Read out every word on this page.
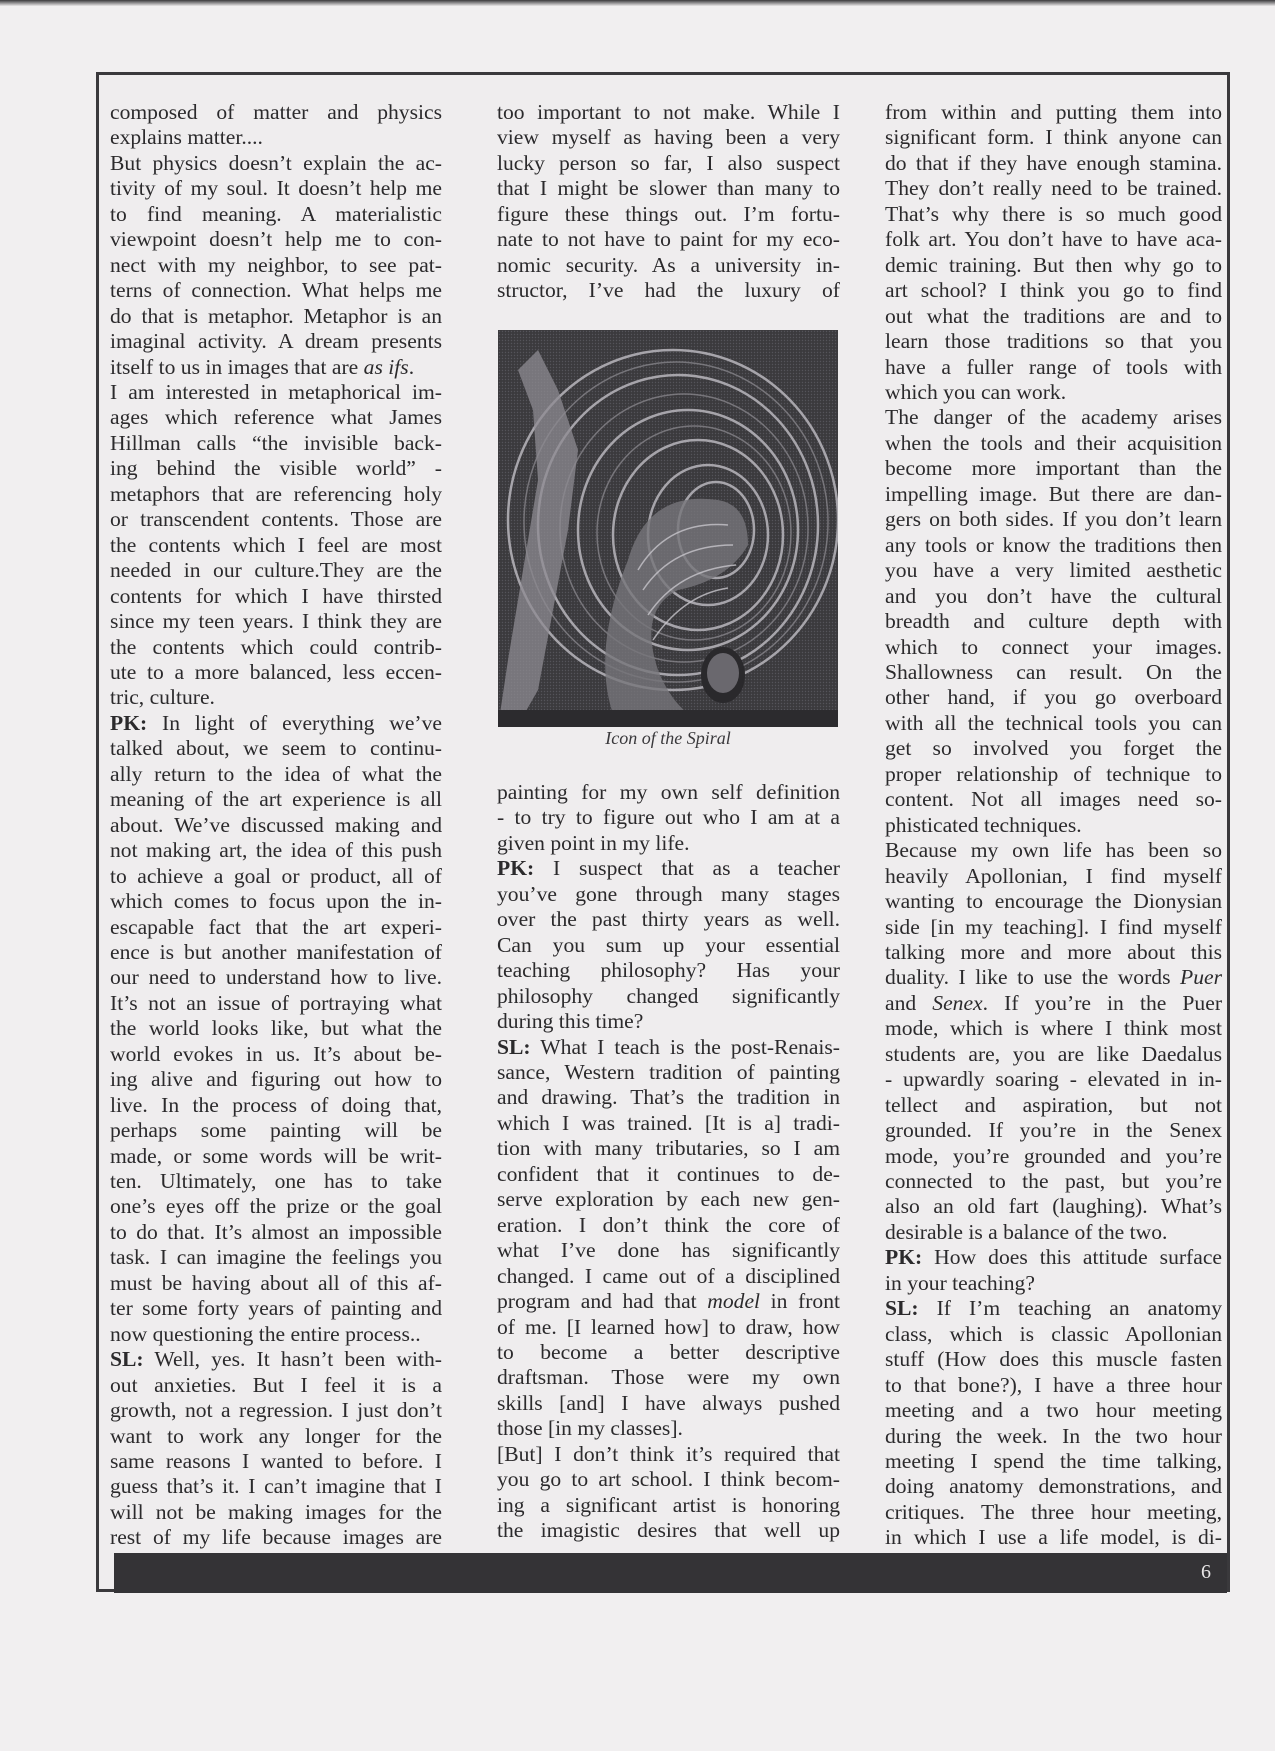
composed of matter and physics
explains matter....
But physics doesn’t explain the ac-
tivity of my soul. It doesn’t help me
to find meaning. A materialistic
viewpoint doesn’t help me to con-
nect with my neighbor, to see pat-
terns of connection. What helps me
do that is metaphor. Metaphor is an
imaginal activity. A dream presents
itself to us in images that are as ifs.
I am interested in metaphorical im-
ages which reference what James
Hillman calls “the invisible back-
ing behind the visible world” -
metaphors that are referencing holy
or transcendent contents. Those are
the contents which I feel are most
needed in our culture.They are the
contents for which I have thirsted
since my teen years. I think they are
the contents which could contrib-
ute to a more balanced, less eccen-
tric, culture.
PK: In light of everything we’ve
talked about, we seem to continu-
ally return to the idea of what the
meaning of the art experience is all
about. We’ve discussed making and
not making art, the idea of this push
to achieve a goal or product, all of
which comes to focus upon the in-
escapable fact that the art experi-
ence is but another manifestation of
our need to understand how to live.
It’s not an issue of portraying what
the world looks like, but what the
world evokes in us. It’s about be-
ing alive and figuring out how to
live. In the process of doing that,
perhaps some painting will be
made, or some words will be writ-
ten. Ultimately, one has to take
one’s eyes off the prize or the goal
to do that. It’s almost an impossible
task. I can imagine the feelings you
must be having about all of this af-
ter some forty years of painting and
now questioning the entire process..
SL: Well, yes. It hasn’t been with-
out anxieties. But I feel it is a
growth, not a regression. I just don’t
want to work any longer for the
same reasons I wanted to before. I
guess that’s it. I can’t imagine that I
will not be making images for the
rest of my life because images are
too important to not make. While I
view myself as having been a very
lucky person so far, I also suspect
that I might be slower than many to
figure these things out. I’m fortu-
nate to not have to paint for my eco-
nomic security. As a university in-
structor, I’ve had the luxury of
Icon of the Spiral
painting for my own self definition
- to try to figure out who I am at a
given point in my life.
PK: I suspect that as a teacher
you’ve gone through many stages
over the past thirty years as well.
Can you sum up your essential
teaching philosophy? Has your
philosophy changed significantly
during this time?
SL: What I teach is the post-Renais-
sance, Western tradition of painting
and drawing. That’s the tradition in
which I was trained. [It is a] tradi-
tion with many tributaries, so I am
confident that it continues to de-
serve exploration by each new gen-
eration. I don’t think the core of
what I’ve done has significantly
changed. I came out of a disciplined
program and had that model in front
of me. [I learned how] to draw, how
to become a better descriptive
draftsman. Those were my own
skills [and] I have always pushed
those [in my classes].
[But] I don’t think it’s required that
you go to art school. I think becom-
ing a significant artist is honoring
the imagistic desires that well up
from within and putting them into
significant form. I think anyone can
do that if they have enough stamina.
They don’t really need to be trained.
That’s why there is so much good
folk art. You don’t have to have aca-
demic training. But then why go to
art school? I think you go to find
out what the traditions are and to
learn those traditions so that you
have a fuller range of tools with
which you can work.
The danger of the academy arises
when the tools and their acquisition
become more important than the
impelling image. But there are dan-
gers on both sides. If you don’t learn
any tools or know the traditions then
you have a very limited aesthetic
and you don’t have the cultural
breadth and culture depth with
which to connect your images.
Shallowness can result. On the
other hand, if you go overboard
with all the technical tools you can
get so involved you forget the
proper relationship of technique to
content. Not all images need so-
phisticated techniques.
Because my own life has been so
heavily Apollonian, I find myself
wanting to encourage the Dionysian
side [in my teaching]. I find myself
talking more and more about this
duality. I like to use the words Puer
and Senex. If you’re in the Puer
mode, which is where I think most
students are, you are like Daedalus
- upwardly soaring - elevated in in-
tellect and aspiration, but not
grounded. If you’re in the Senex
mode, you’re grounded and you’re
connected to the past, but you’re
also an old fart (laughing). What’s
desirable is a balance of the two.
PK: How does this attitude surface
in your teaching?
SL: If I’m teaching an anatomy
class, which is classic Apollonian
stuff (How does this muscle fasten
to that bone?), I have a three hour
meeting and a two hour meeting
during the week. In the two hour
meeting I spend the time talking,
doing anatomy demonstrations, and
critiques. The three hour meeting,
in which I use a life model, is di-
6
